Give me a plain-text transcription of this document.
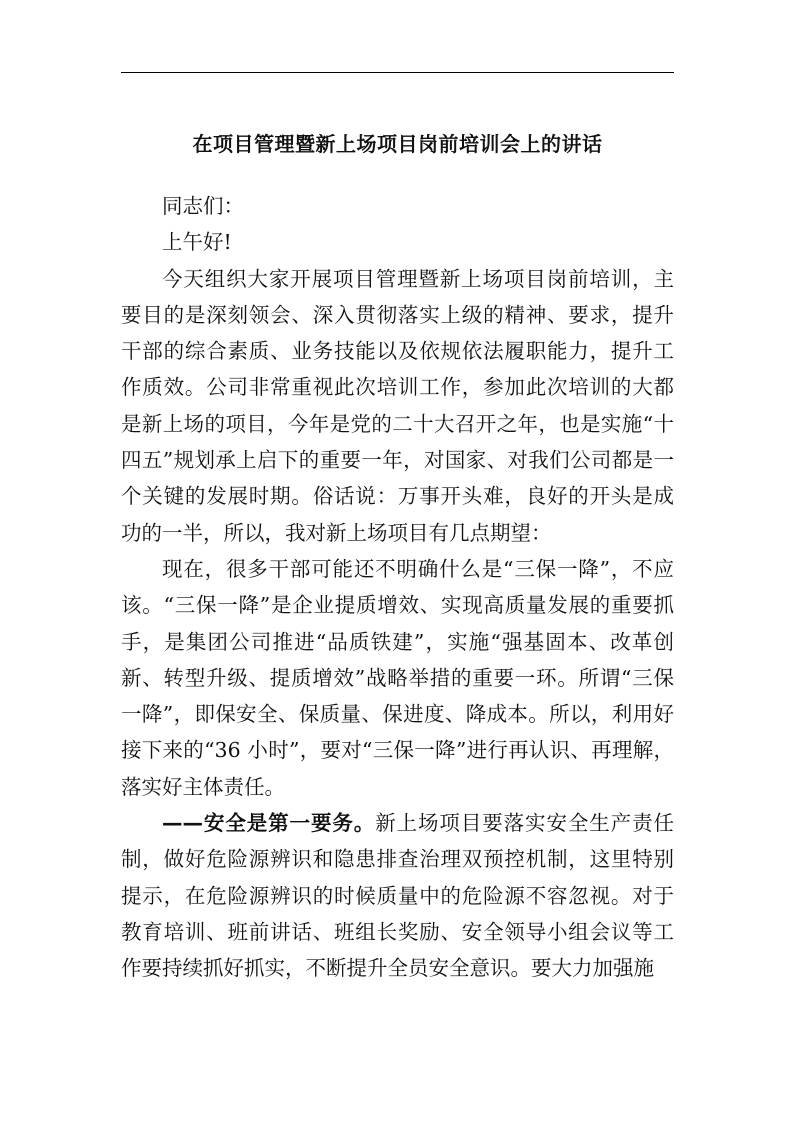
在项目管理暨新上场项目岗前培训会上的讲话

同志们：

上午好!

今天组织大家开展项目管理暨新上场项目岗前培训，主要目的是深刻领会、深入贯彻落实上级的精神、要求，提升干部的综合素质、业务技能以及依规依法履职能力，提升工作质效。公司非常重视此次培训工作，参加此次培训的大都是新上场的项目，今年是党的二十大召开之年，也是实施“十四五”规划承上启下的重要一年，对国家、对我们公司都是一个关键的发展时期。俗话说：万事开头难，良好的开头是成功的一半，所以，我对新上场项目有几点期望：

现在，很多干部可能还不明确什么是“三保一降”，不应该。“三保一降”是企业提质增效、实现高质量发展的重要抓手，是集团公司推进“品质铁建”，实施“强基固本、改革创新、转型升级、提质增效”战略举措的重要一环。所谓“三保一降”，即保安全、保质量、保进度、降成本。所以，利用好接下来的“36 小时”，要对“三保一降”进行再认识、再理解，落实好主体责任。

——安全是第一要务。新上场项目要落实安全生产责任制，做好危险源辨识和隐患排查治理双预控机制，这里特别提示，在危险源辨识的时候质量中的危险源不容忽视。对于教育培训、班前讲话、班组长奖励、安全领导小组会议等工作要持续抓好抓实，不断提升全员安全意识。要大力加强施
